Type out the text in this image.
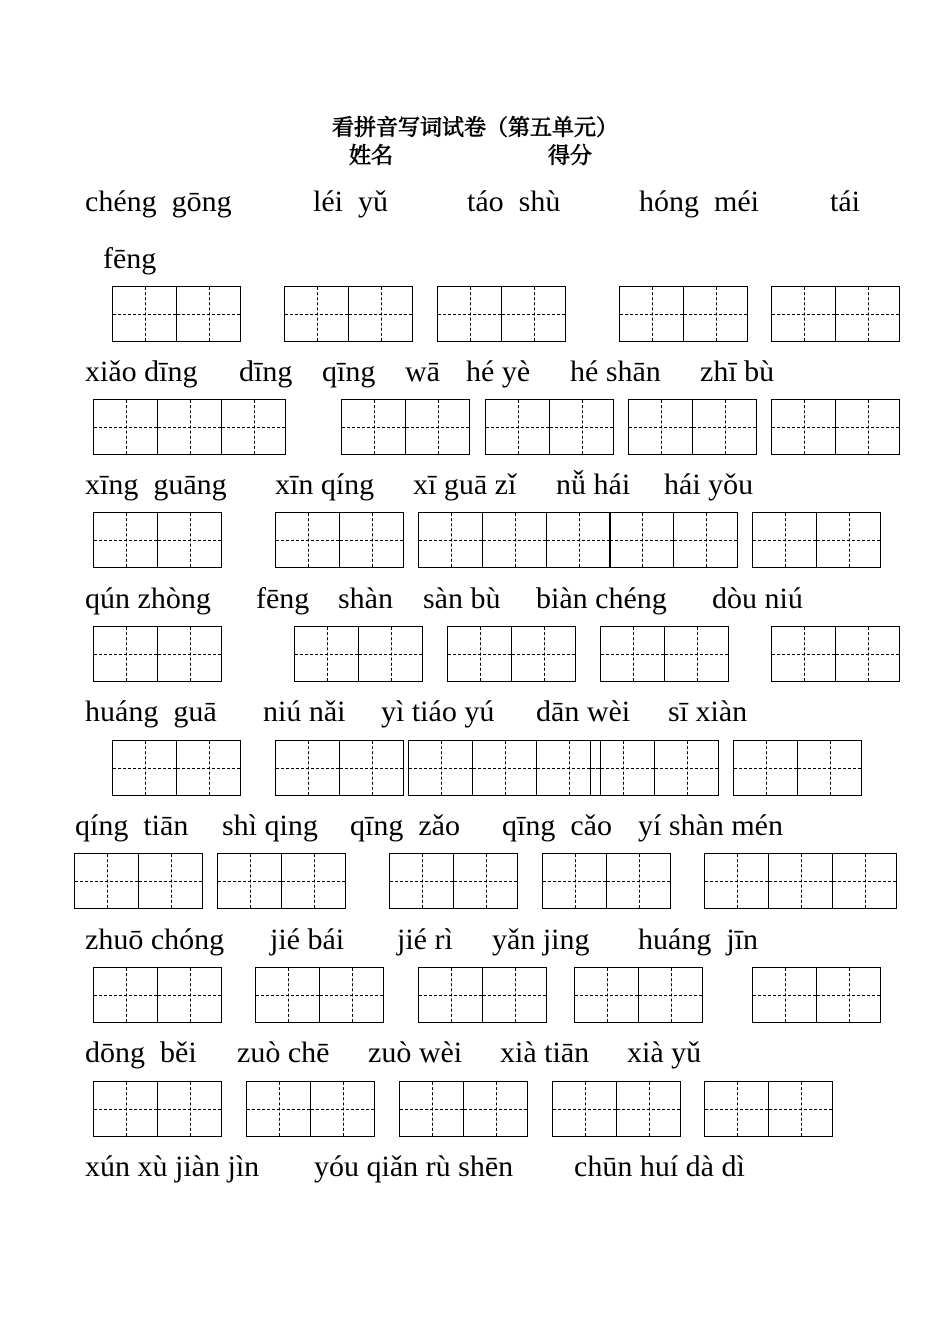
看拼音写词试卷（第五单元）
姓名	得分

chéng  gōng

	léi  yǔ

	táo  shù

	hóng  méi

tái

fēng

xiǎo dīng

dīng

qīng

wā

hé yè

hé shān

zhī bù

xīng  guāng

xīn qíng

xī guā zǐ

nǚ hái

hái yǒu

qún zhòng

fēng

shàn

sàn bù

biàn chéng

dòu niú

huáng  guā

niú nǎi

yì tiáo yú

dān wèi

sī xiàn

qíng  tiān

shì qing

qīng  zǎo

qīng  cǎo

yí shàn mén

zhuō chóng

jié bái

jié rì

yǎn jing

huáng  jīn

dōng  běi

zuò chē

zuò wèi

xià tiān

xià yǔ

xún xù jiàn jìn

yóu qiǎn rù shēn

chūn huí dà dì
